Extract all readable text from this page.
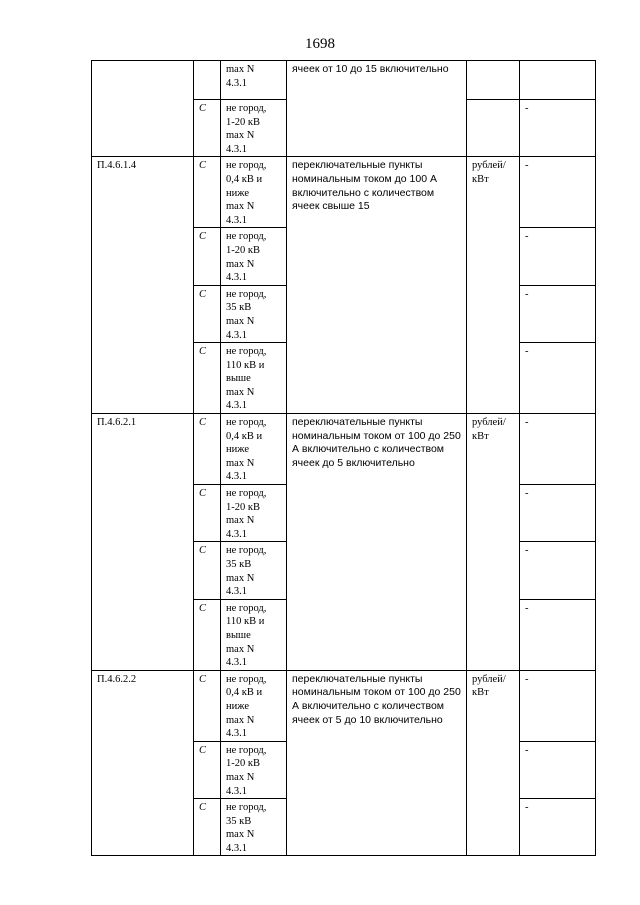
1698
		max N
4.3.1	ячеек от 10 до 15 включительно		
	С	не город,
1-20 кВ
max N
4.3.1			-
П.4.6.1.4	С	не город,
0,4 кВ и
ниже
max N
4.3.1	переключательные пункты номинальным током до 100 А включительно с количеством ячеек свыше 15	рублей/
кВт	-
	С	не город,
1-20 кВ
max N
4.3.1			-
	С	не город,
35 кВ
max N
4.3.1			-
	С	не город,
110 кВ и
выше
max N
4.3.1			-
П.4.6.2.1	С	не город,
0,4 кВ и
ниже
max N
4.3.1	переключательные пункты номинальным током от 100 до 250 А включительно с количеством ячеек до 5 включительно	рублей/
кВт	-
	С	не город,
1-20 кВ
max N
4.3.1			-
	С	не город,
35 кВ
max N
4.3.1			-
	С	не город,
110 кВ и
выше
max N
4.3.1			-
П.4.6.2.2	С	не город,
0,4 кВ и
ниже
max N
4.3.1	переключательные пункты номинальным током от 100 до 250 А включительно с количеством ячеек от 5 до 10 включительно	рублей/
кВт	-
	С	не город,
1-20 кВ
max N
4.3.1			-
	С	не город,
35 кВ
max N
4.3.1			-
